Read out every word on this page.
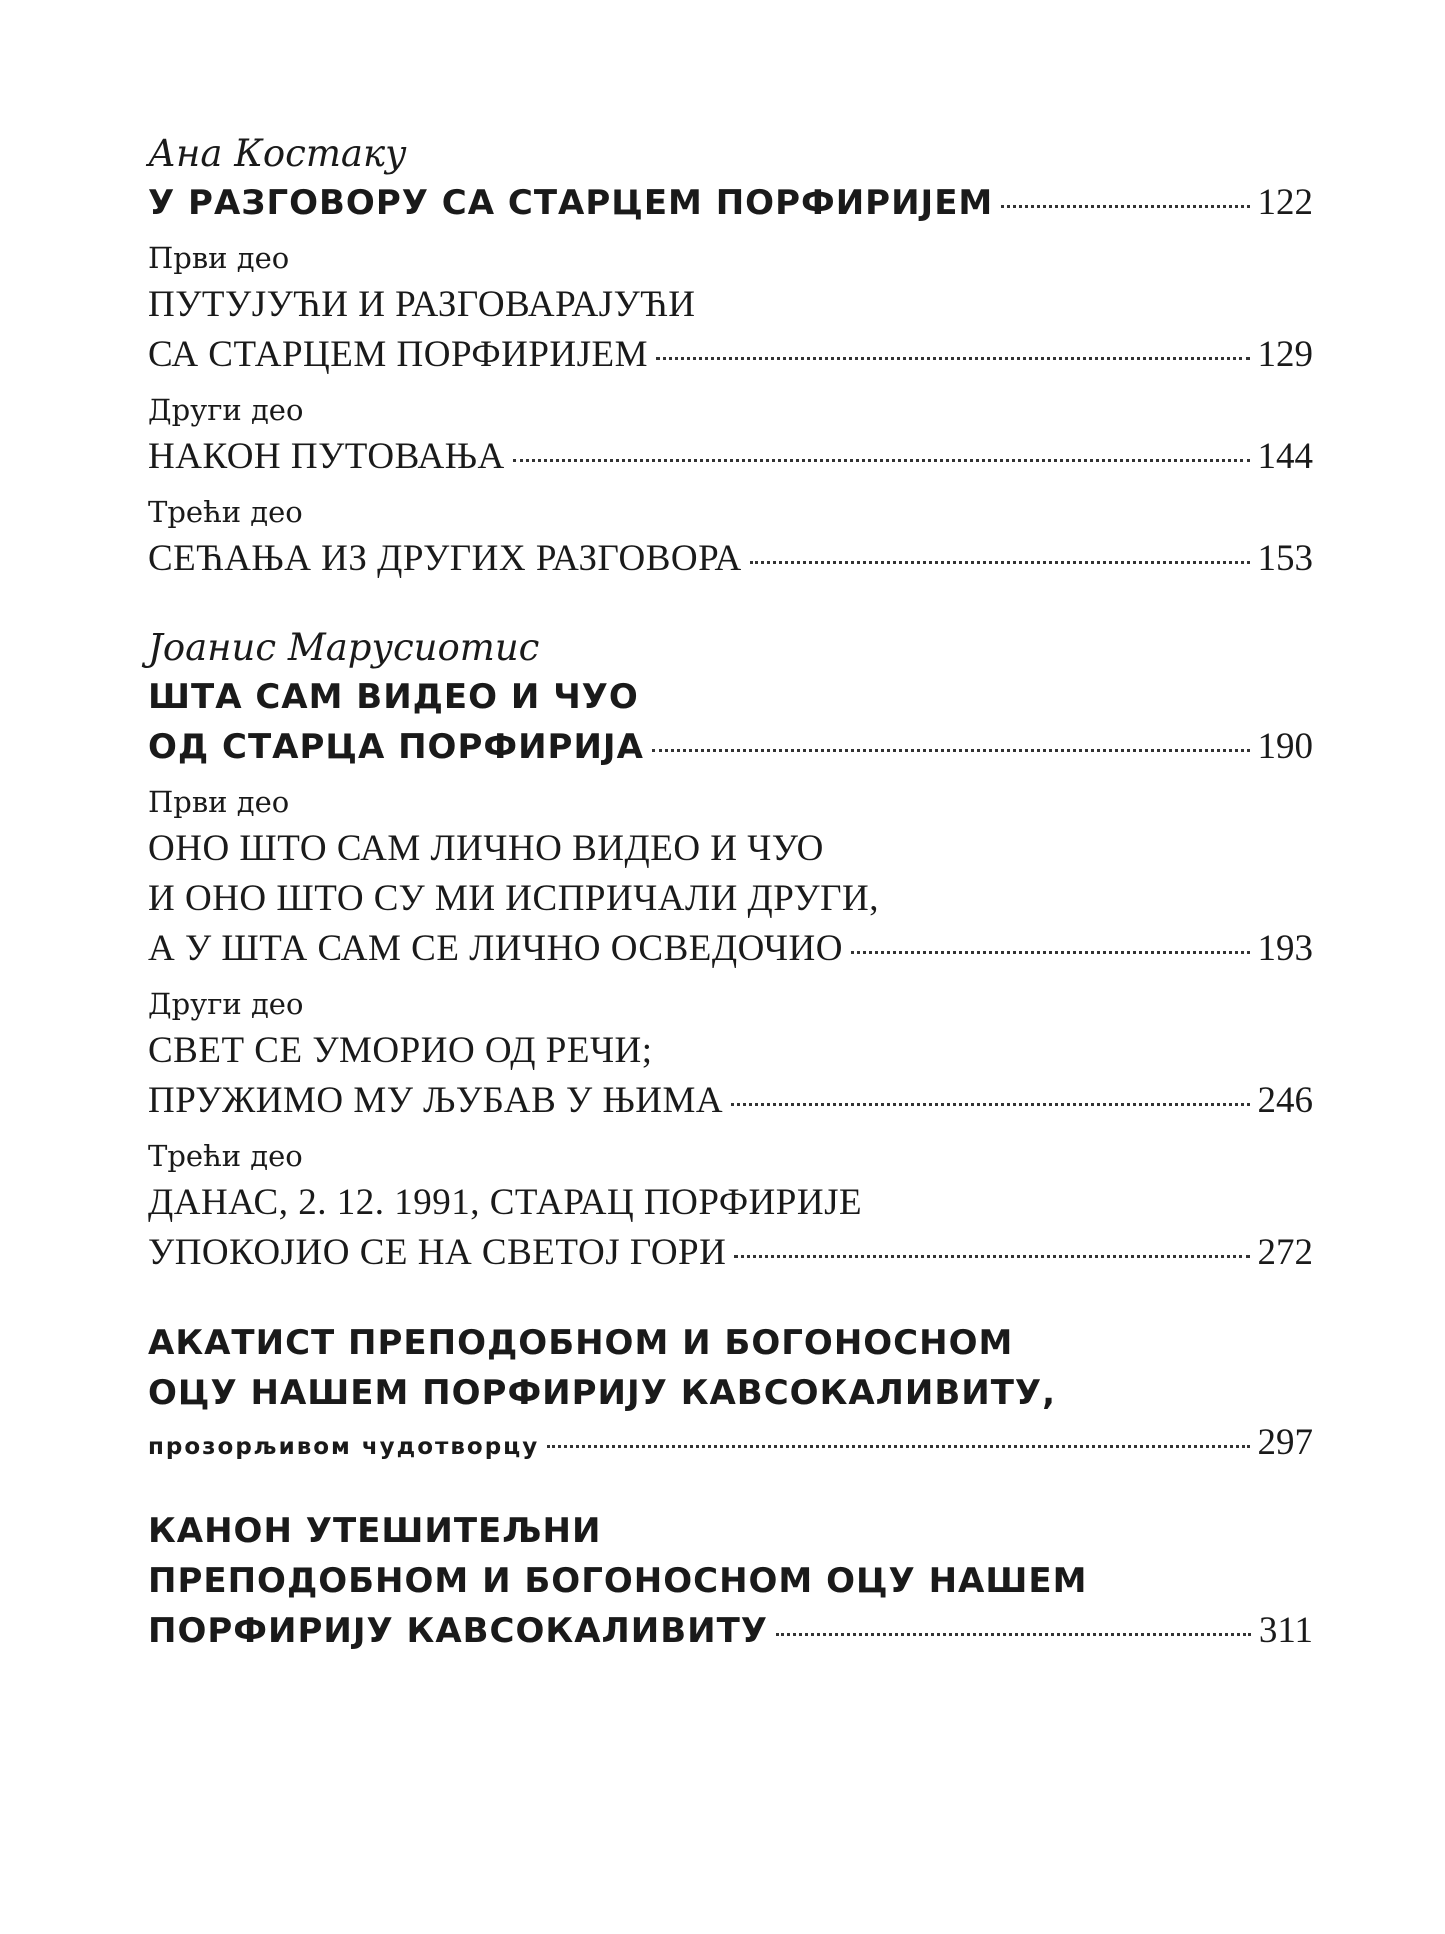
Ана Костаку
У РАЗГОВОРУ СА СТАРЦЕМ ПОРФИРИЈЕМ	122
Први део
ПУТУЈУЋИ И РАЗГОВАРАЈУЋИ
СА СТАРЦЕМ ПОРФИРИЈЕМ	129
Други део
НАКОН ПУТОВАЊА	144
Трећи део
СЕЋАЊА ИЗ ДРУГИХ РАЗГОВОРА	153
Јоанис Марусиотис
ШТА САМ ВИДЕО И ЧУО
ОД СТАРЦА ПОРФИРИЈА	190
Први део
ОНО ШТО САМ ЛИЧНО ВИДЕО И ЧУО
И ОНО ШТО СУ МИ ИСПРИЧАЛИ ДРУГИ,
А У ШТА САМ СЕ ЛИЧНО ОСВЕДОЧИО	193
Други део
СВЕТ СЕ УМОРИО ОД РЕЧИ;
ПРУЖИМО МУ ЉУБАВ У ЊИМА	246
Трећи део
ДАНАС, 2. 12. 1991, СТАРАЦ ПОРФИРИЈЕ
УПОКОЈИО СЕ НА СВЕТОЈ ГОРИ	272
АКАТИСТ ПРЕПОДОБНОМ И БОГОНОСНОМ
ОЦУ НАШЕМ ПОРФИРИЈУ КАВСОКАЛИВИТУ,
прозорљивом чудотворцу	297
КАНОН УТЕШИТЕЉНИ
ПРЕПОДОБНОМ И БОГОНОСНОМ ОЦУ НАШЕМ
ПОРФИРИЈУ КАВСОКАЛИВИТУ	311
